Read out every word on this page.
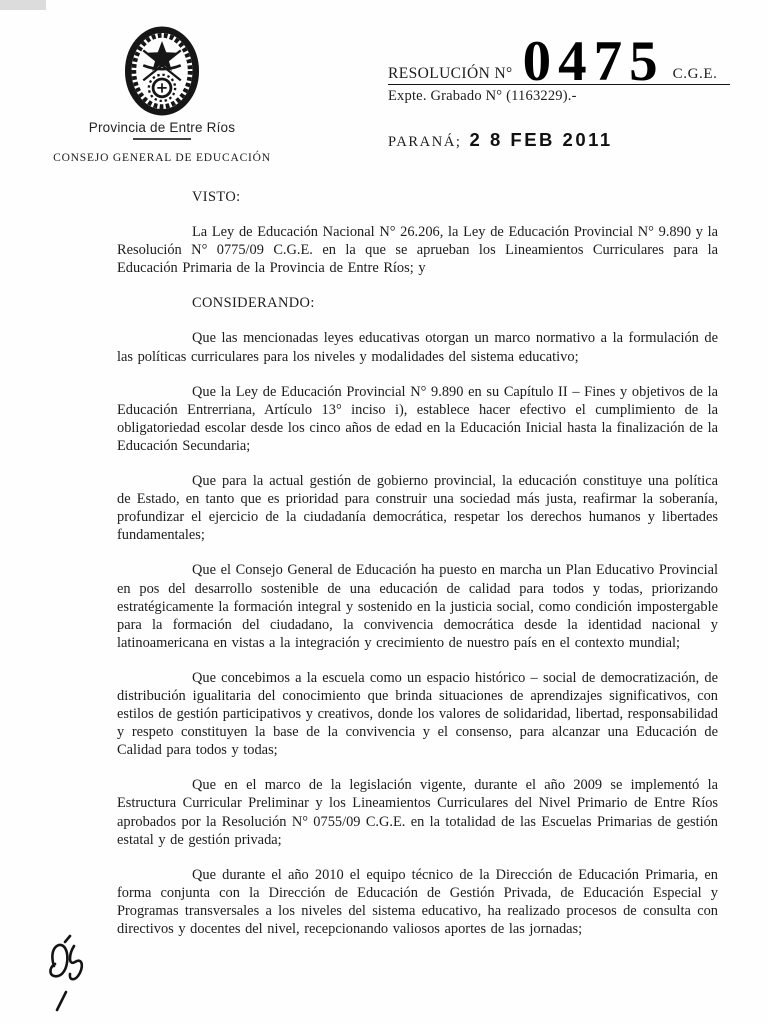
Provincia de Entre Ríos
CONSEJO GENERAL DE EDUCACIÓN
RESOLUCIÓN N° 0475 C.G.E.
Expte. Grabado N° (1163229).-
PARANÁ; 2 8 FEB 2011

VISTO:

La Ley de Educación Nacional N° 26.206, la Ley de Educación Provincial N° 9.890 y la Resolución N° 0775/09 C.G.E. en la que se aprueban los Lineamientos Curriculares para la Educación Primaria de la Provincia de Entre Ríos; y

CONSIDERANDO:

Que las mencionadas leyes educativas otorgan un marco normativo a la formulación de las políticas curriculares para los niveles y modalidades del sistema educativo;

Que la Ley de Educación Provincial N° 9.890 en su Capítulo II – Fines y objetivos de la Educación Entrerriana, Artículo 13° inciso i), establece hacer efectivo el cumplimiento de la obligatoriedad escolar desde los cinco años de edad en la Educación Inicial hasta la finalización de la Educación Secundaria;

Que para la actual gestión de gobierno provincial, la educación constituye una política de Estado, en tanto que es prioridad para construir una sociedad más justa, reafirmar la soberanía, profundizar el ejercicio de la ciudadanía democrática, respetar los derechos humanos y libertades fundamentales;

Que el Consejo General de Educación ha puesto en marcha un Plan Educativo Provincial en pos del desarrollo sostenible de una educación de calidad para todos y todas, priorizando estratégicamente la formación integral y sostenido en la justicia social, como condición impostergable para la formación del ciudadano, la convivencia democrática desde la identidad nacional y latinoamericana en vistas a la integración y crecimiento de nuestro país en el contexto mundial;

Que concebimos a la escuela como un espacio histórico – social de democratización, de distribución igualitaria del conocimiento que brinda situaciones de aprendizajes significativos, con estilos de gestión participativos y creativos, donde los valores de solidaridad, libertad, responsabilidad y respeto constituyen la base de la convivencia y el consenso, para alcanzar una Educación de Calidad para todos y todas;

Que en el marco de la legislación vigente, durante el año 2009 se implementó la Estructura Curricular Preliminar y los Lineamientos Curriculares del Nivel Primario de Entre Ríos aprobados por la Resolución N° 0755/09 C.G.E. en la totalidad de las Escuelas Primarias de gestión estatal y de gestión privada;

Que durante el año 2010 el equipo técnico de la Dirección de Educación Primaria, en forma conjunta con la Dirección de Educación de Gestión Privada, de Educación Especial y Programas transversales a los niveles del sistema educativo, ha realizado procesos de consulta con directivos y docentes del nivel, recepcionando valiosos aportes de las jornadas;
